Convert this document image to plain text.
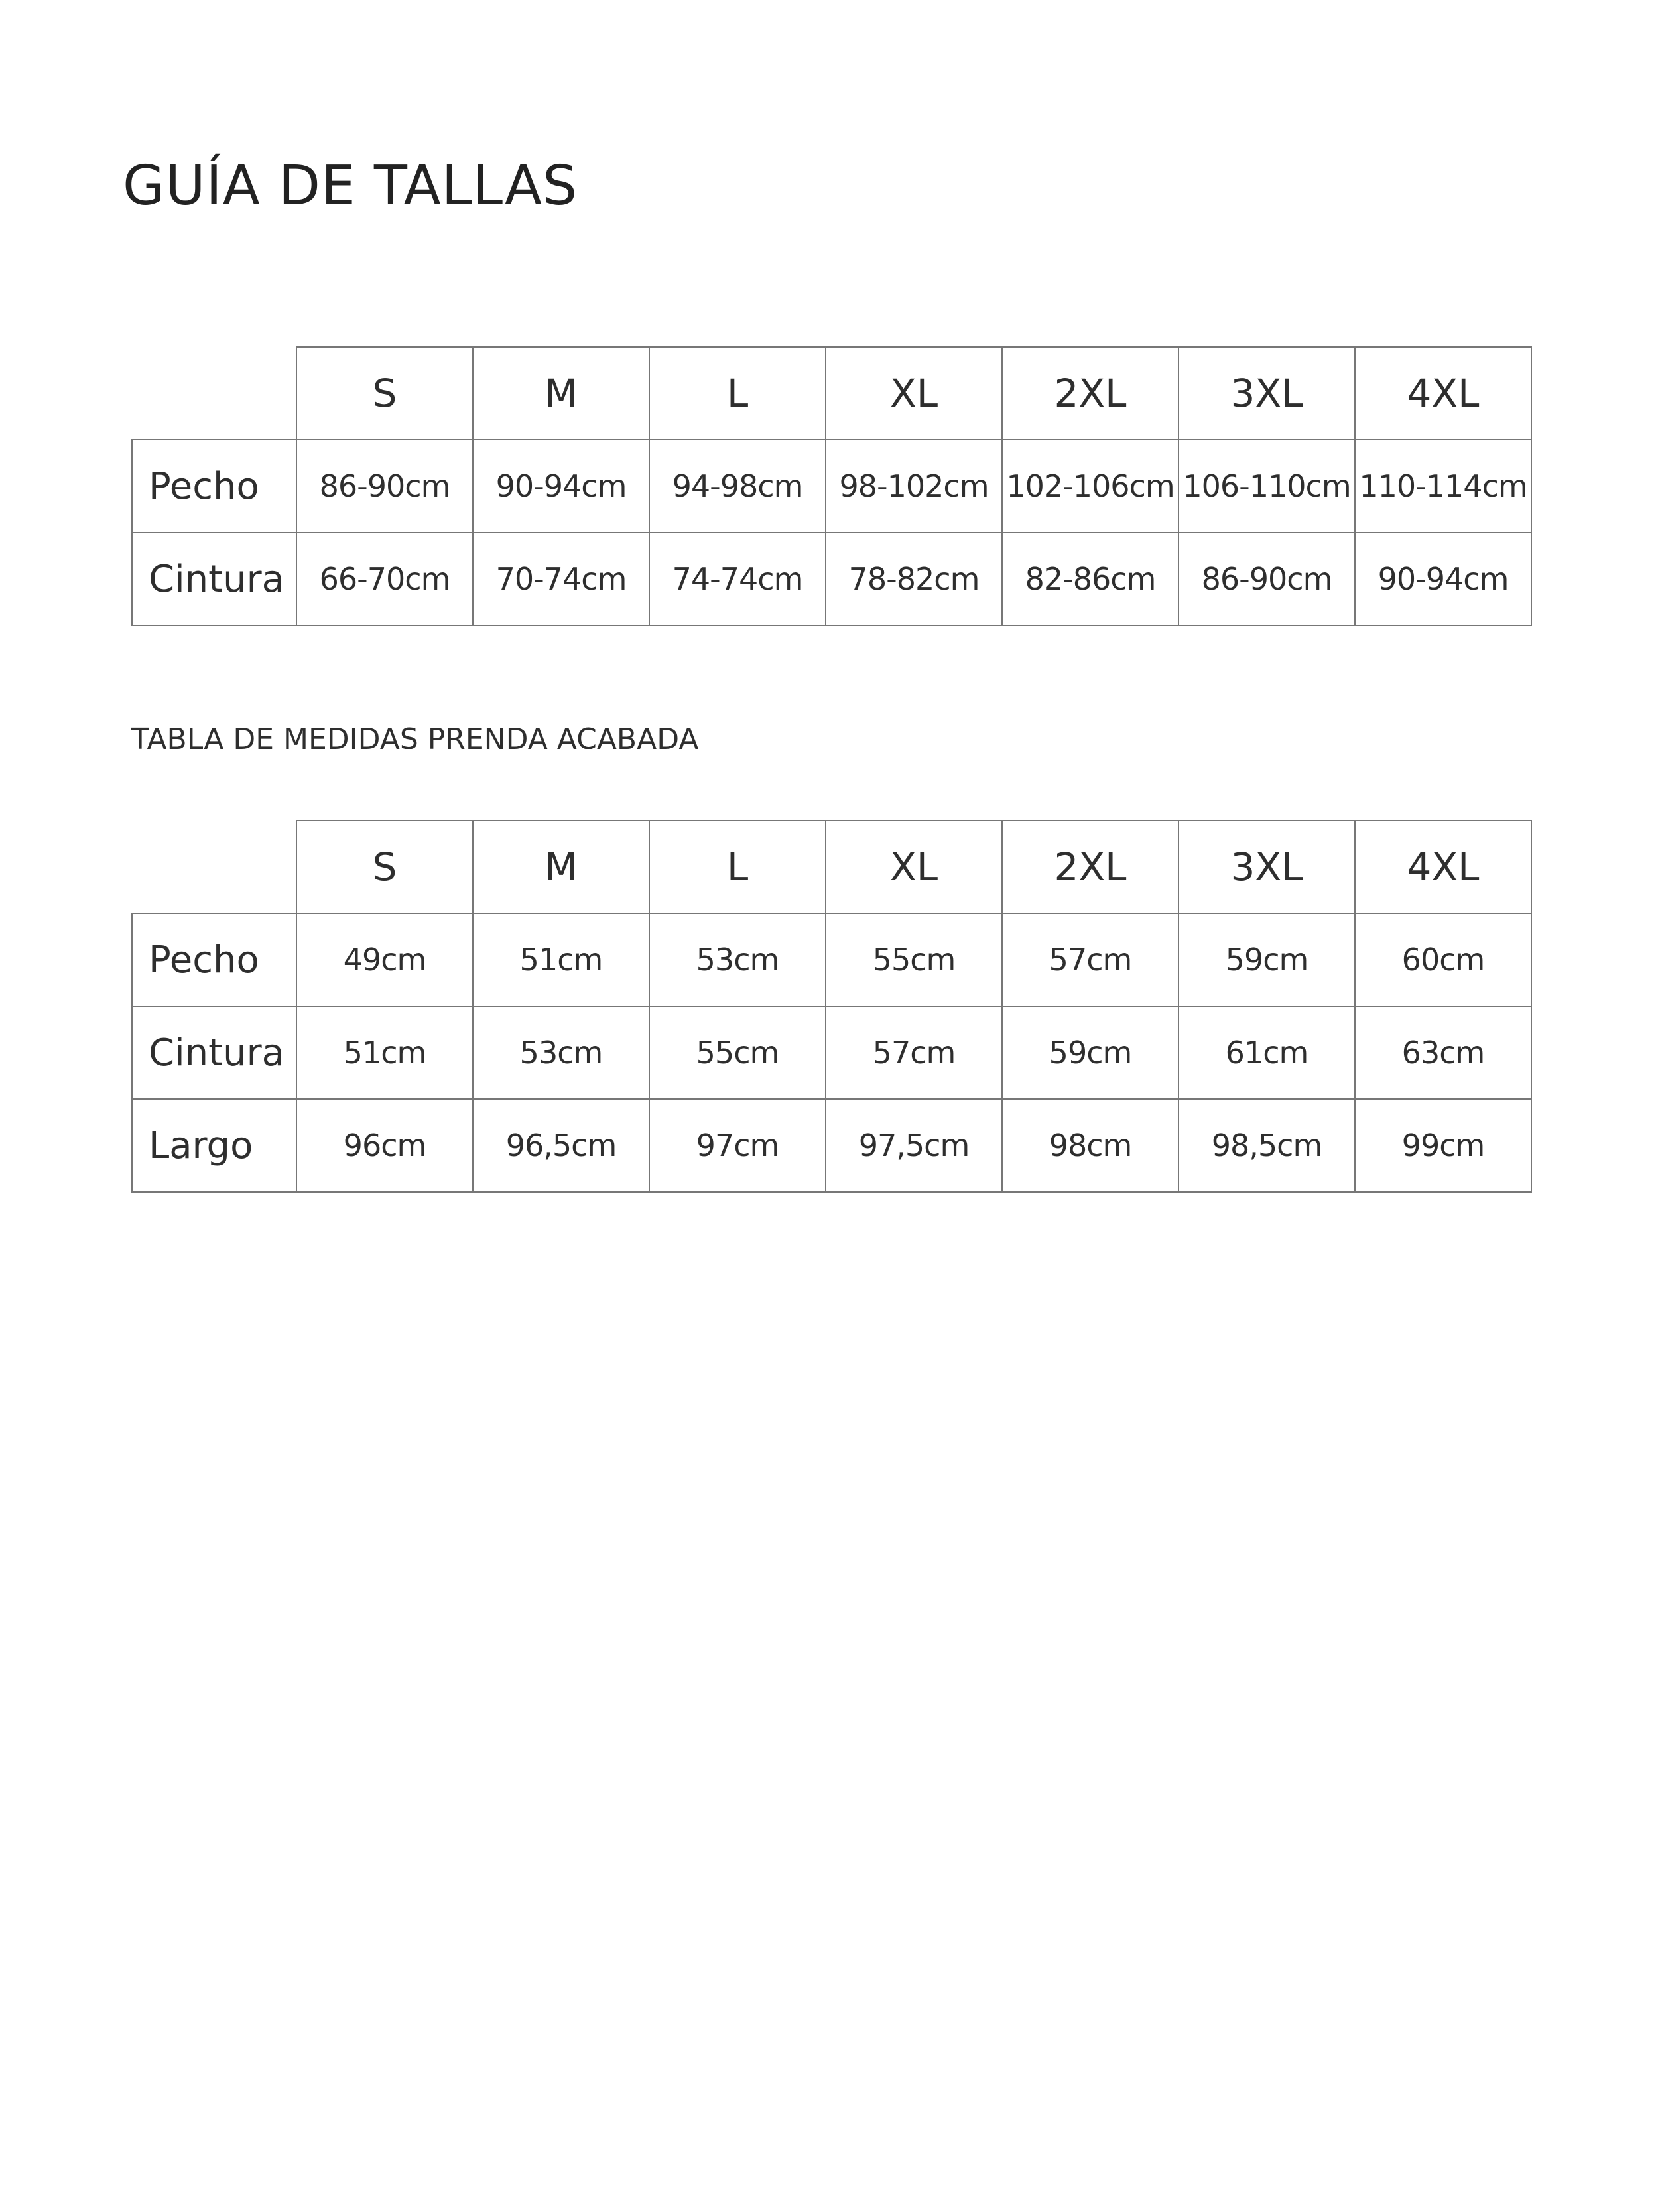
GUÍA DE TALLAS
	S	M	L	XL	2XL	3XL	4XL
Pecho	86-90cm	90-94cm	94-98cm	98-102cm	102-106cm	106-110cm	110-114cm
Cintura	66-70cm	70-74cm	74-74cm	78-82cm	82-86cm	86-90cm	90-94cm
TABLA DE MEDIDAS PRENDA ACABADA
	S	M	L	XL	2XL	3XL	4XL
Pecho	49cm	51cm	53cm	55cm	57cm	59cm	60cm
Cintura	51cm	53cm	55cm	57cm	59cm	61cm	63cm
Largo	96cm	96,5cm	97cm	97,5cm	98cm	98,5cm	99cm
